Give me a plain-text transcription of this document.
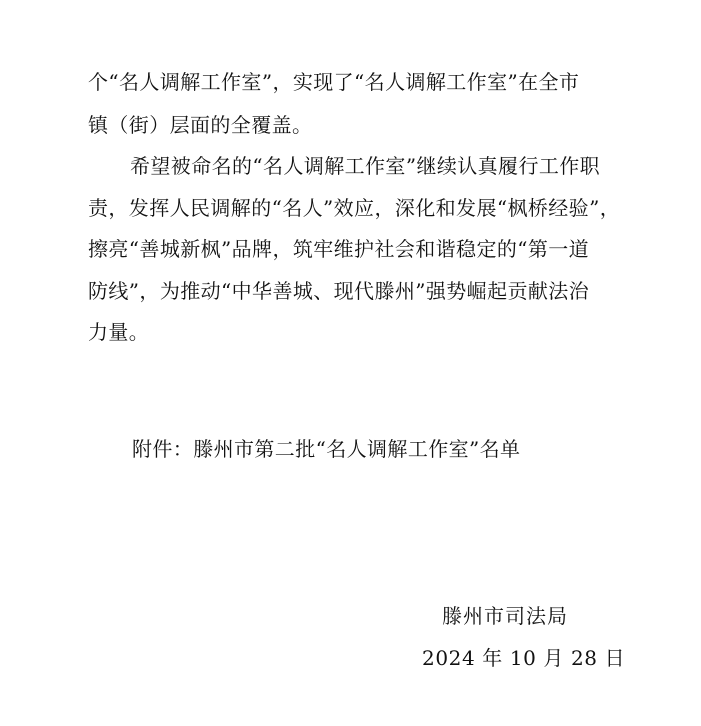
个“名人调解工作室”，实现了“名人调解工作室”在全市
镇（街）层面的全覆盖。
希望被命名的“名人调解工作室”继续认真履行工作职
责，发挥人民调解的“名人”效应，深化和发展“枫桥经验”，
擦亮“善城新枫”品牌，筑牢维护社会和谐稳定的“第一道
防线”，为推动“中华善城、现代滕州”强势崛起贡献法治
力量。
附件：滕州市第二批“名人调解工作室”名单
滕州市司法局
2024 年 10 月 28 日
